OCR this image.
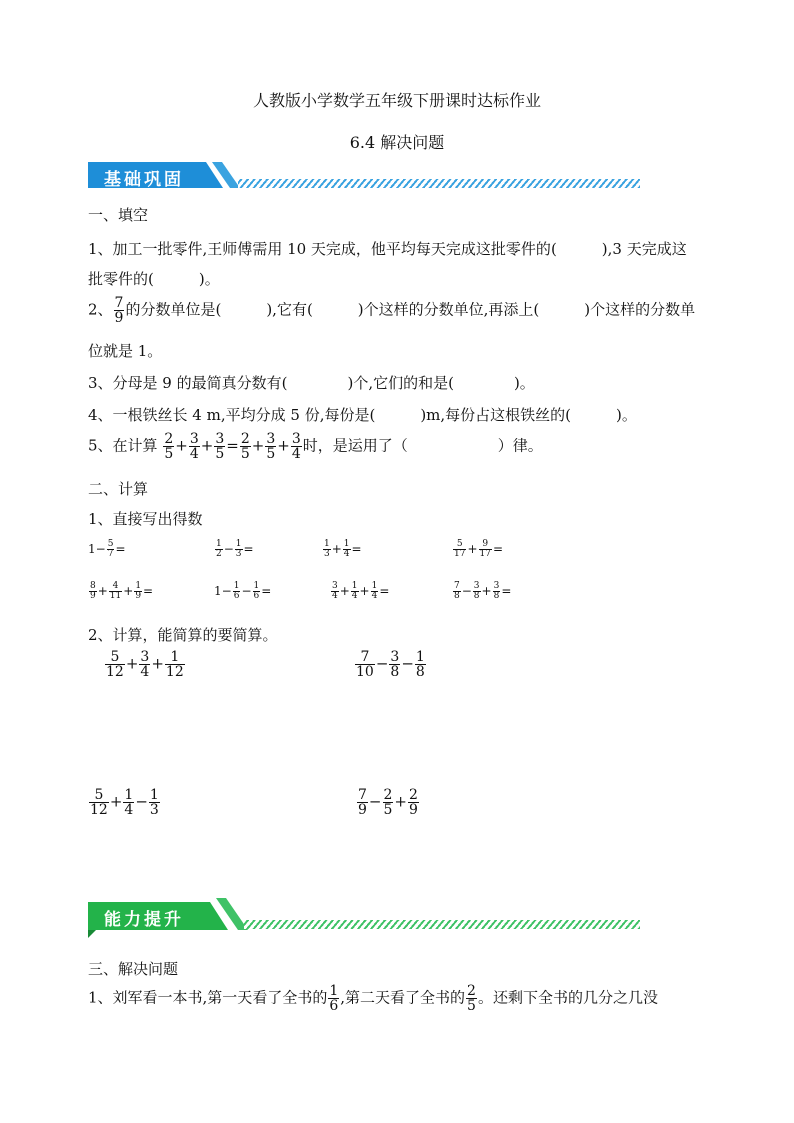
人教版小学数学五年级下册课时达标作业
6.4 解决问题
基础巩固
一、填空
1、加工一批零件,王师傅需用 10 天完成，他平均每天完成这批零件的(　　　),3 天完成这
批零件的(　　　)。
2、 $\frac{7}{9}$ 的分数单位是(　　　),它有(　　　)个这样的分数单位,再添上(　　　)个这样的分数单
位就是 1。
3、分母是 9 的最简真分数有(　　　　)个,它们的和是(　　　　)。
4、一根铁丝长 4 m,平均分成 5 份,每份是(　　　)m,每份占这根铁丝的(　　　)。
5、在计算 $\frac{2}{5} + \frac{3}{4} + \frac{3}{5} = \frac{2}{5} + \frac{3}{5} + \frac{3}{4}$ 时，是运用了（　　　　　　）律。
二、计算
1、直接写出得数
$1- \frac{5}{7}$ =	$\frac{1}{2} - \frac{1}{3}$ =	$\frac{1}{3} + \frac{1}{4}$ =	$\frac{5}{17} + \frac{9}{17}$ =
$\frac{8}{9} + \frac{4}{11} + \frac{1}{9}$ =	$1- \frac{1}{6} - \frac{1}{6}$ =	$\frac{3}{4} + \frac{1}{4} + \frac{1}{4}$ =	$\frac{7}{8} - \frac{3}{8} + \frac{3}{8}$ =
2、计算，能简算的要简算。
$\frac{5}{12} + \frac{3}{4} + \frac{1}{12}$	$\frac{7}{10} - \frac{3}{8} - \frac{1}{8}$
$\frac{5}{12} + \frac{1}{4} - \frac{1}{3}$	$\frac{7}{9} - \frac{2}{5} + \frac{2}{9}$
能力提升
三、解决问题
1、刘军看一本书,第一天看了全书的 $\frac{1}{6}$ ,第二天看了全书的 $\frac{2}{5}$ 。还剩下全书的几分之几没
